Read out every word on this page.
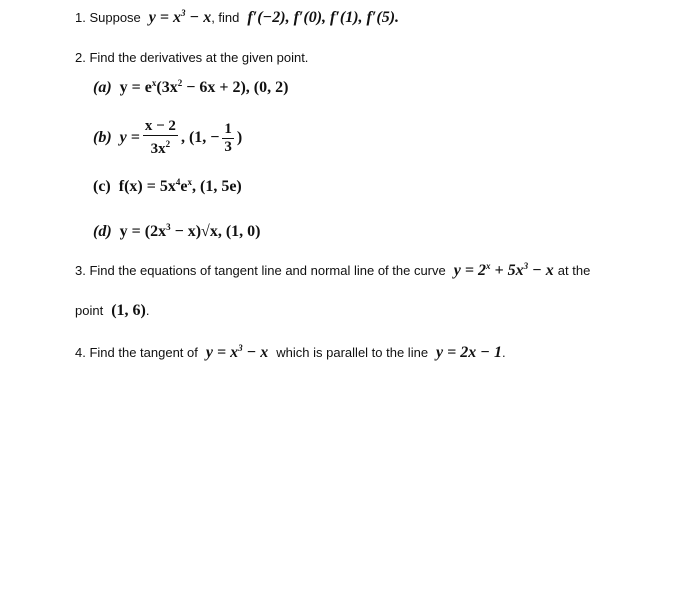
1. Suppose $y = x^3 - x$ , find f′(−2), f′(0), f′(1), f′(5).
2. Find the derivatives at the given point.
(a) $y = e^x(3x^2 - 6x + 2)$, (0, 2)
(b) $y = \frac{x - 2}{3x^2}$ , (1, − $\frac{1}{3}$ )
(c) $f(x) = 5x^4e^x$, (1, 5e)
(d) $y = (2x^3 - x)√x$, (1, 0)
3. Find the equations of tangent line and normal line of the curve $y = 2^x + 5x^3 - x$ at the
point (1, 6) .
4. Find the tangent of $y = x^3 - x$ which is parallel to the line y = 2x − 1 .
